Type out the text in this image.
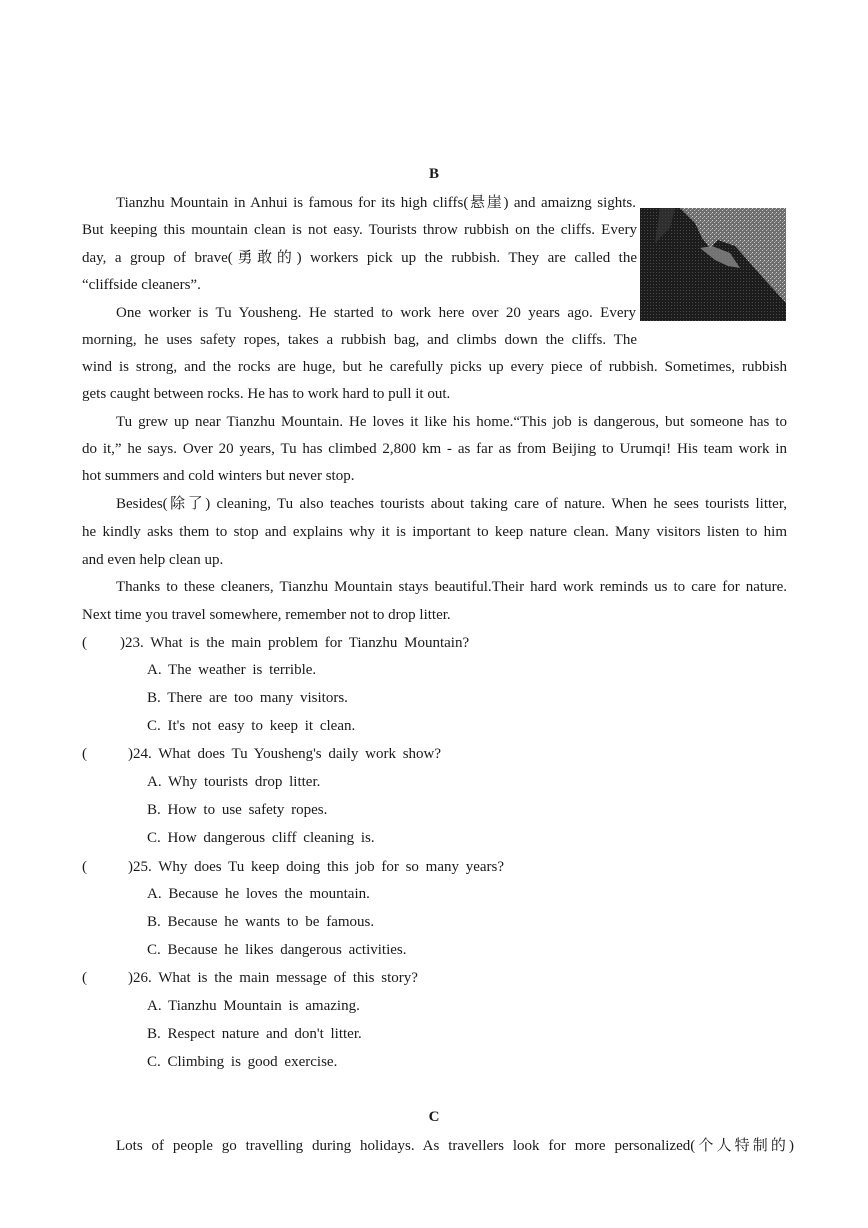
B
Tianzhu Mountain in Anhui is famous for its high cliffs(悬崖) and amaizng sights.
But keeping this mountain clean is not easy. Tourists throw rubbish on the cliffs. Every
day, a group of brave(勇敢的) workers pick up the rubbish. They are called the
“cliffside cleaners”.
One worker is Tu Yousheng. He started to work here over 20 years ago. Every
morning, he uses safety ropes, takes a rubbish bag, and climbs down the cliffs. The
wind is strong, and the rocks are huge, but he carefully picks up every piece of rubbish. Sometimes, rubbish
gets caught between rocks. He has to work hard to pull it out.
Tu grew up near Tianzhu Mountain. He loves it like his home.“This job is dangerous, but someone has to
do it,” he says. Over 20 years, Tu has climbed 2,800 km - as far as from Beijing to Urumqi! His team work in
hot summers and cold winters but never stop.
Besides(除了) cleaning, Tu also teaches tourists about taking care of nature. When he sees tourists litter,
he kindly asks them to stop and explains why it is important to keep nature clean. Many visitors listen to him
and even help clean up.
Thanks to these cleaners, Tianzhu Mountain stays beautiful.Their hard work reminds us to care for nature.
Next time you travel somewhere, remember not to drop litter.
( )23. What is the main problem for Tianzhu Mountain?
A. The weather is terrible.
B. There are too many visitors.
C. It's not easy to keep it clean.
(	)24. What does Tu Yousheng's daily work show?
A. Why tourists drop litter.
B. How to use safety ropes.
C. How dangerous cliff cleaning is.
(	)25. Why does Tu keep doing this job for so many years?
A. Because he loves the mountain.
B. Because he wants to be famous.
C. Because he likes dangerous activities.
(	)26. What is the main message of this story?
A. Tianzhu Mountain is amazing.
B. Respect nature and don't litter.
C. Climbing is good exercise.
C
Lots of people go travelling during holidays. As travellers look for more personalized(个人特制的)
